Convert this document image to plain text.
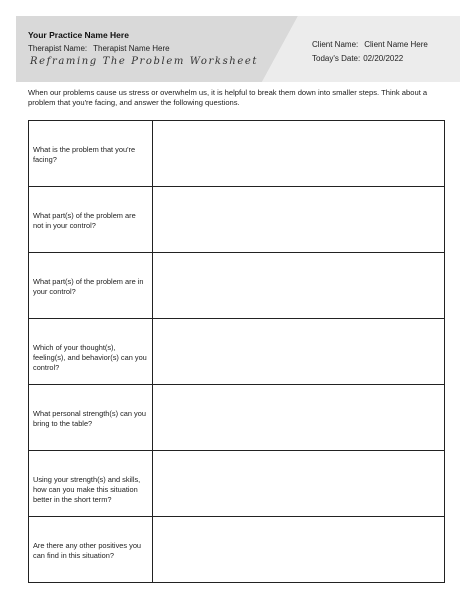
Your Practice Name Here
Therapist Name: Therapist Name Here
Reframing The Problem Worksheet
Client Name: Client Name Here
Today's Date: 02/20/2022
When our problems cause us stress or overwhelm us, it is helpful to break them down into smaller steps. Think about a problem that you're facing, and answer the following questions.
What is the problem that you're facing?	

What part(s) of the problem are not in your control?	

What part(s) of the problem are in your control?	

Which of your thought(s), feeling(s), and behavior(s) can you control?	

What personal strength(s) can you bring to the table?	

Using your strength(s) and skills, how can you make this situation better in the short term?	

Are there any other positives you can find in this situation?	
